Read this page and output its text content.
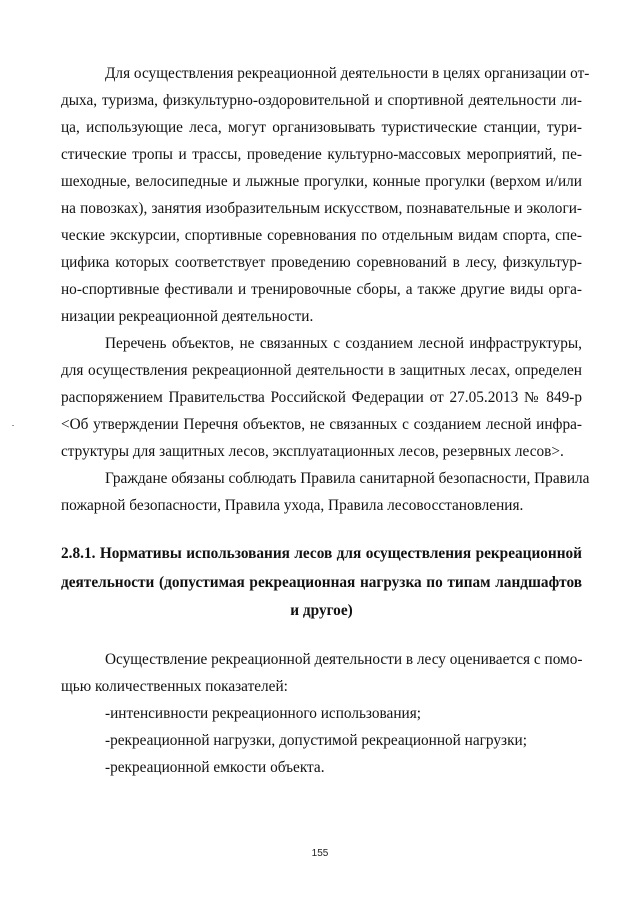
Для осуществления рекреационной деятельности в целях организации от-
дыха, туризма, физкультурно-оздоровительной и спортивной деятельности ли-
ца, использующие леса, могут организовывать туристические станции, тури-
стические тропы и трассы, проведение культурно-массовых мероприятий, пе-
шеходные, велосипедные и лыжные прогулки, конные прогулки (верхом и/или
на повозках), занятия изобразительным искусством, познавательные и экологи-
ческие экскурсии, спортивные соревнования по отдельным видам спорта, спе-
цифика которых соответствует проведению соревнований в лесу, физкультур-
но-спортивные фестивали и тренировочные сборы, а также другие виды орга-
низации рекреационной деятельности.
Перечень объектов, не связанных с созданием лесной инфраструктуры,
для осуществления рекреационной деятельности в защитных лесах, определен
распоряжением Правительства Российской Федерации от 27.05.2013 № 849-р
<Об утверждении Перечня объектов, не связанных с созданием лесной инфра-
структуры для защитных лесов, эксплуатационных лесов, резервных лесов>.
Граждане обязаны соблюдать Правила санитарной безопасности, Правила
пожарной безопасности, Правила ухода, Правила лесовосстановления.
2.8.1. Нормативы использования лесов для осуществления рекреационной
деятельности (допустимая рекреационная нагрузка по типам ландшафтов
и другое)
Осуществление рекреационной деятельности в лесу оценивается с помо-
щью количественных показателей:
-интенсивности рекреационного использования;
-рекреационной нагрузки, допустимой рекреационной нагрузки;
-рекреационной емкости объекта.
155
